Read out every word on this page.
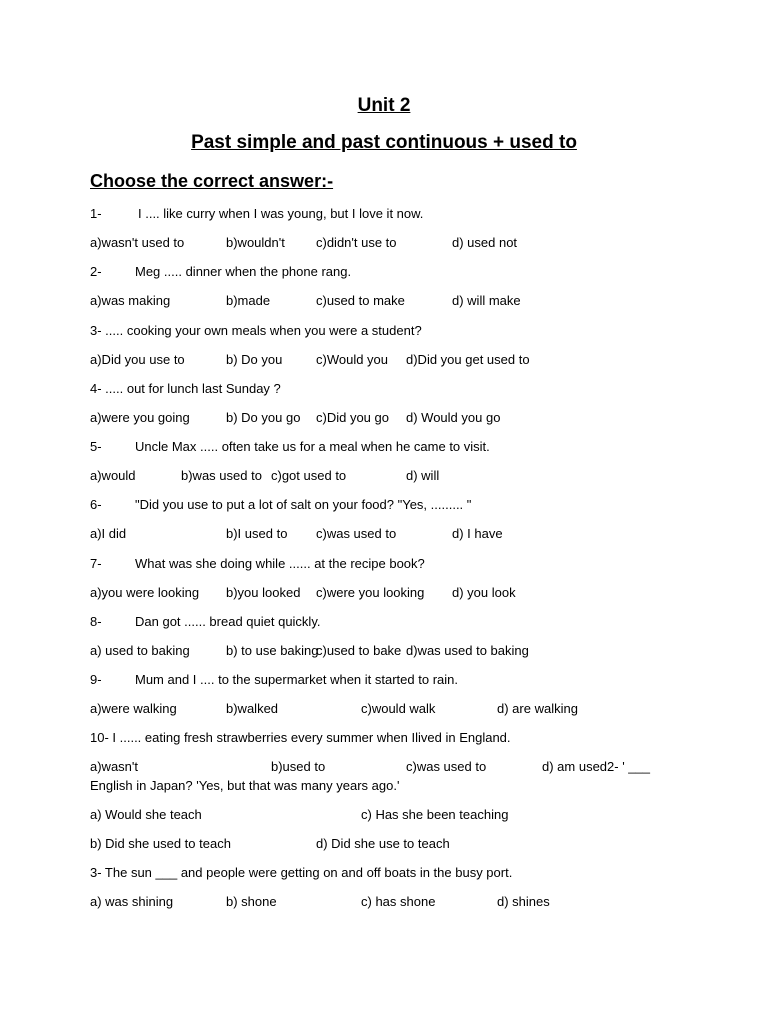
Unit 2
Past simple and past continuous + used to
Choose the correct answer:-
1-	I .... like curry when I was young, but I love it now.
a)wasn't used to	b)wouldn't c)didn't use to	d) used not
2-	Meg ..... dinner when the phone rang.
a)was making	b)made	c)used to make	d) will make
3- ..... cooking your own meals when you were a student?
a)Did you use to	b) Do you	c)Would you d)Did you get used to
4- ..... out for lunch last Sunday ?
a)were you going	b) Do you go c)Did you go d) Would you go
5-	Uncle Max ..... often take us for a meal when he came to visit.
a)would	b)was used to c)got used to	d) will
6-	"Did you use to put a lot of salt on your food? "Yes, ......... "
a)I did	b)I used to c)was used to	d) I have
7-	What was she doing while ...... at the recipe book?
a)you were looking b)you looked c)were you looking d) you look
8-	Dan got ...... bread quiet quickly.
a) used to baking	b) to use baking
c)used to bake d)was used to baking
9-	Mum and I .... to the supermarket when it started to rain.
a)were walking	b)walked	c)would walk	d) are walking
10- I ...... eating fresh strawberries every summer when Ilived in England.
a)wasn't	b)used to	c)was used to	d) am used2- ' ___
English in Japan? 'Yes, but that was many years ago.'
a) Would she teach	c) Has she been teaching
b) Did she used to teach	d) Did she use to teach
3- The sun ___ and people were getting on and off boats in the busy port.
a) was shining	b) shone	c) has shone	d) shines
